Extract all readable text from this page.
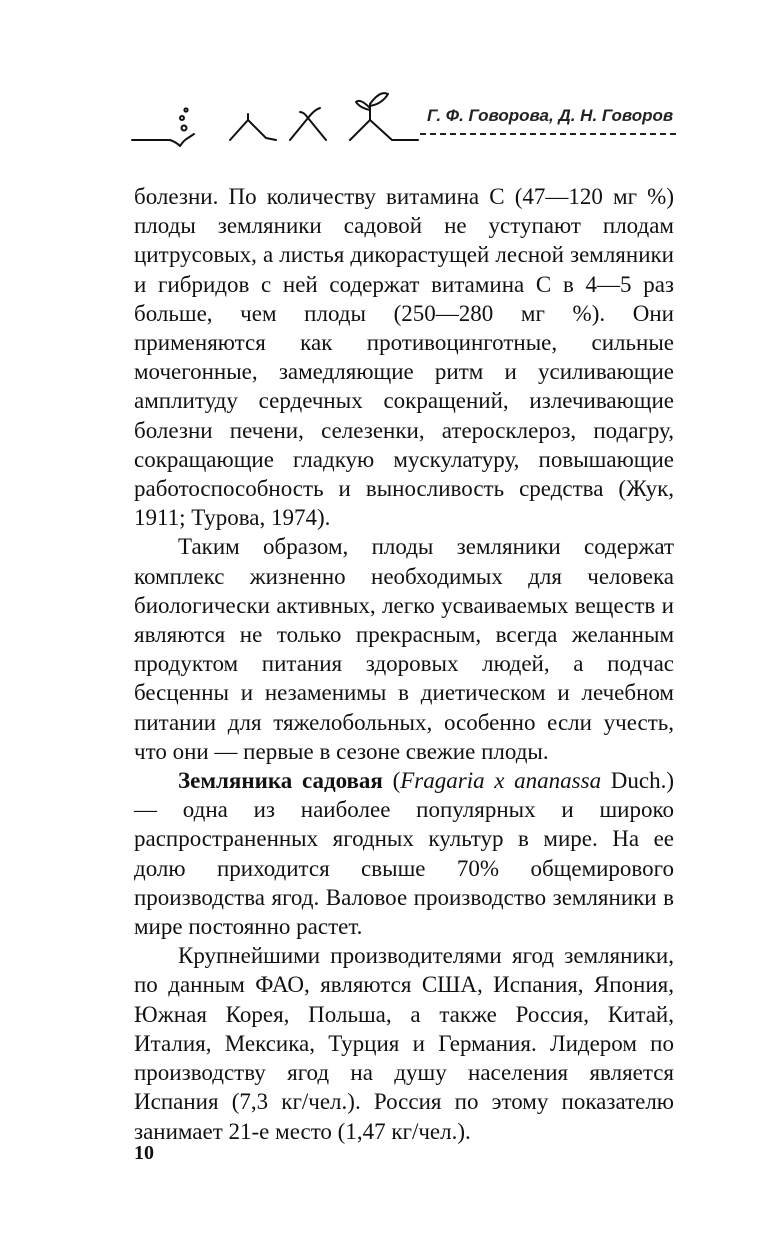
Г. Ф. Говорова, Д. Н. Говоров

болезни. По количеству витамина С (47—120 мг %) плоды земляники садовой не уступают плодам цитрусовых, а листья дикорастущей лесной земляники и гибридов с ней содержат витамина С в 4—5 раз больше, чем плоды (250—280 мг %). Они применяются как противоцинготные, сильные мочегонные, замедляющие ритм и усиливающие амплитуду сердечных сокращений, излечивающие болезни печени, селезенки, атеросклероз, подагру, сокращающие гладкую мускулатуру, повышающие работоспособность и выносливость средства (Жук, 1911; Турова, 1974).

Таким образом, плоды земляники содержат комплекс жизненно необходимых для человека биологически активных, легко усваиваемых веществ и являются не только прекрасным, всегда желанным продуктом питания здоровых людей, а подчас бесценны и незаменимы в диетическом и лечебном питании для тяжелобольных, особенно если учесть, что они — первые в сезоне свежие плоды.

Земляника садовая (Fragaria x ananassa Duch.) — одна из наиболее популярных и широко распространенных ягодных культур в мире. На ее долю приходится свыше 70% общемирового производства ягод. Валовое производство земляники в мире постоянно растет.

Крупнейшими производителями ягод земляники, по данным ФАО, являются США, Испания, Япония, Южная Корея, Польша, а также Россия, Китай, Италия, Мексика, Турция и Германия. Лидером по производству ягод на душу населения является Испания (7,3 кг/чел.). Россия по этому показателю занимает 21-е место (1,47 кг/чел.).

10
